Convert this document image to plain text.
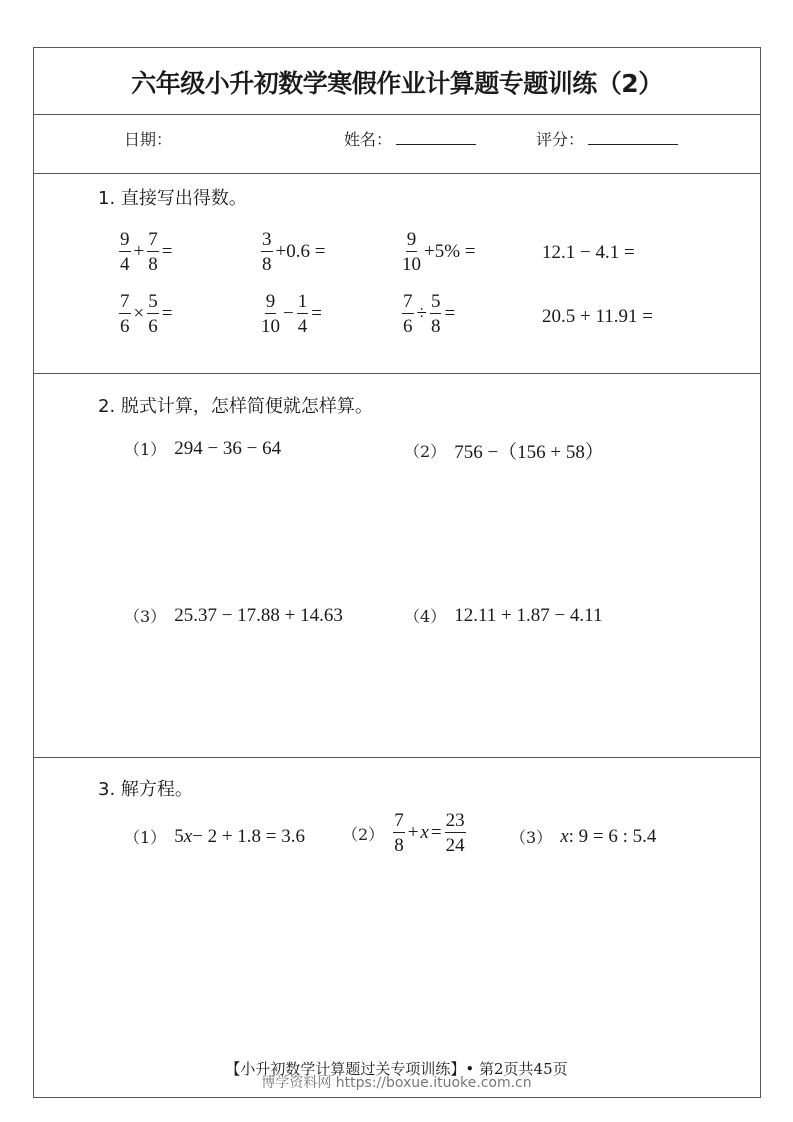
六年级小升初数学寒假作业计算题专题训练（2）
日期：	姓名：	评分：
1. 直接写出得数。
$\frac{9}{4} + \frac{7}{8}$ =	$\frac{3}{8} +0.6$ =	$\frac{9}{10} +5\%$ =	12.1 − 4.1 =
$\frac{7}{6} \times \frac{5}{6}$ =	$\frac{9}{10} - \frac{1}{4}$ =	$\frac{7}{6} \div \frac{5}{8}$ =	20.5 + 11.91 =
2. 脱式计算，怎样简便就怎样算。
（1） 294 − 36 − 64	（2） 756 −（156 + 58）
（3） 25.37 − 17.88 + 14.63	（4） 12.11 + 1.87 − 4.11
3. 解方程。
（1） 5 x − 2 + 1.8 = 3.6 $(2) \frac{7}{8} + x = \frac{23}{24}$	（3） x : 9 = 6 : 5.4
【小升初数学计算题过关专项训练】• 第2页共45页
博学资料网 https://boxue.ituoke.com.cn
